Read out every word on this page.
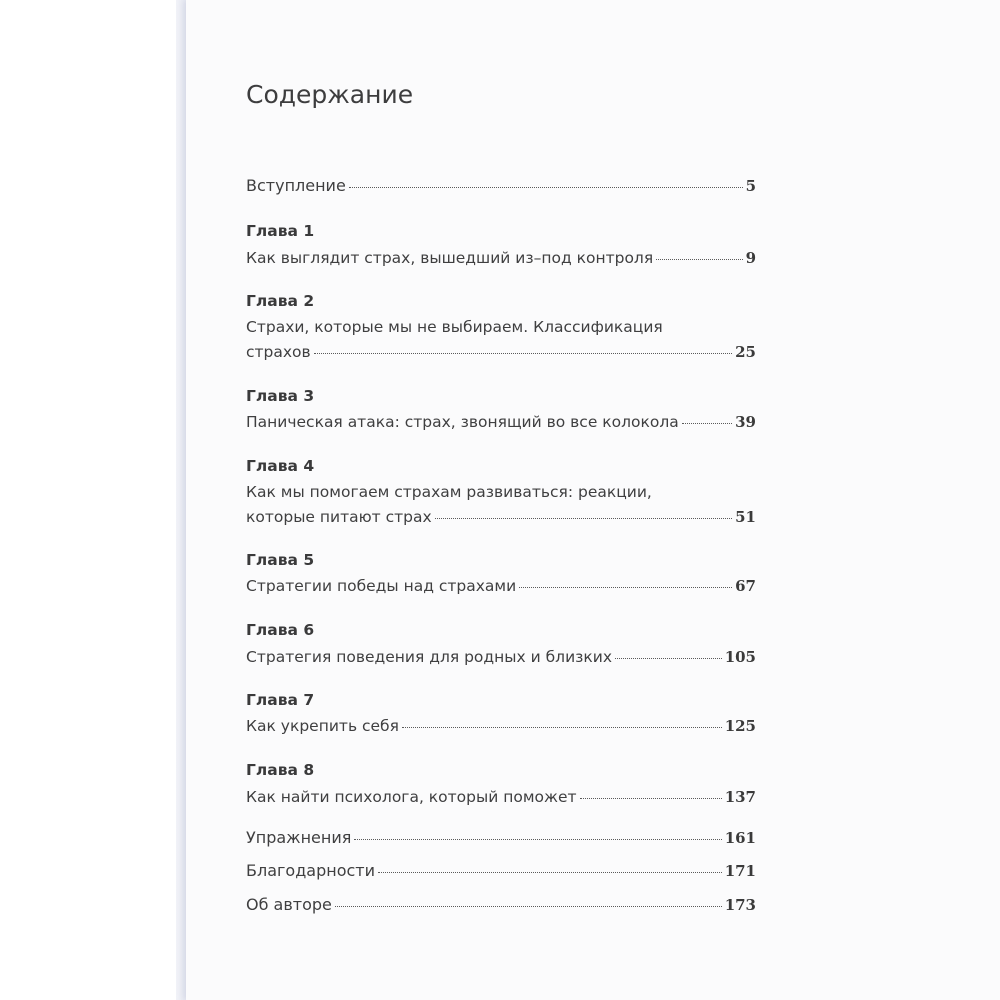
Содержание
Вступление	5
Глава 1
Как выглядит страх, вышедший из–под контроля	9
Глава 2
Страхи, которые мы не выбираем. Классификация
страхов	25
Глава 3
Паническая атака: страх, звонящий во все колокола	39
Глава 4
Как мы помогаем страхам развиваться: реакции,
которые питают страх	51
Глава 5
Стратегии победы над страхами	67
Глава 6
Стратегия поведения для родных и близких	105
Глава 7
Как укрепить себя	125
Глава 8
Как найти психолога, который поможет	137
Упражнения	161
Благодарности	171
Об авторе	173
